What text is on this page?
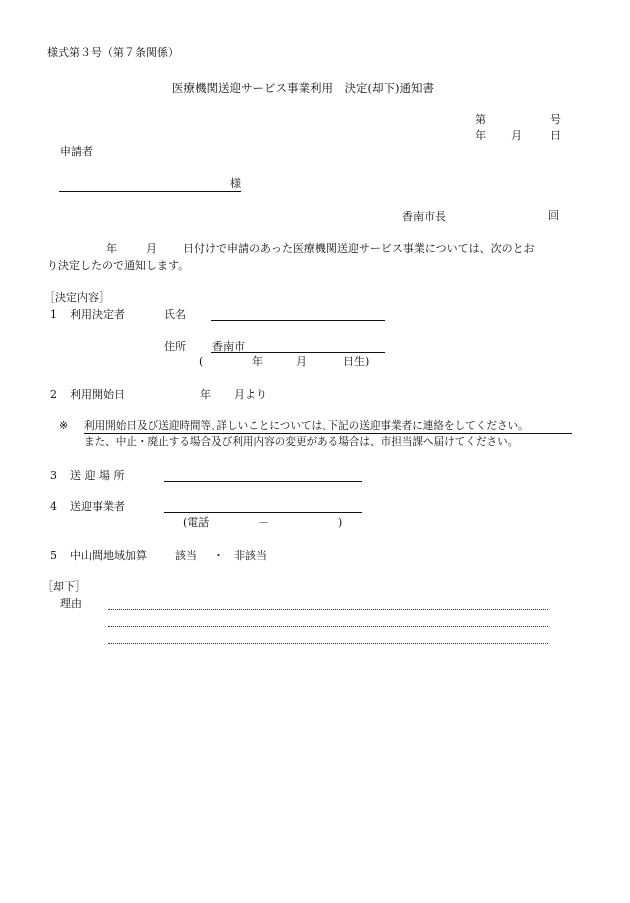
様式第３号（第７条関係）
医療機関送迎サービス事業利用　決定(却下)通知書
第	号
年 月	日
申請者
様
香南市長	回
年	月 日付けで申請のあった医療機関送迎サービス事業については、次のとお
り決定したので通知します。
［決定内容］
1 利用決定者	氏名
住所 香南市
(	年	月	日生)
2 利用開始日	年 月より
※ 利用開始日及び送迎時間等､詳しいことについては､下記の送迎事業者に連絡をしてください。
また、中止・廃止する場合及び利用内容の変更がある場合は、市担当課へ届けてください。
3 送 迎 場 所
4 送迎事業者
(電話	－	)
5 中山間地域加算	該当 ・ 非該当
［却下］
理由
